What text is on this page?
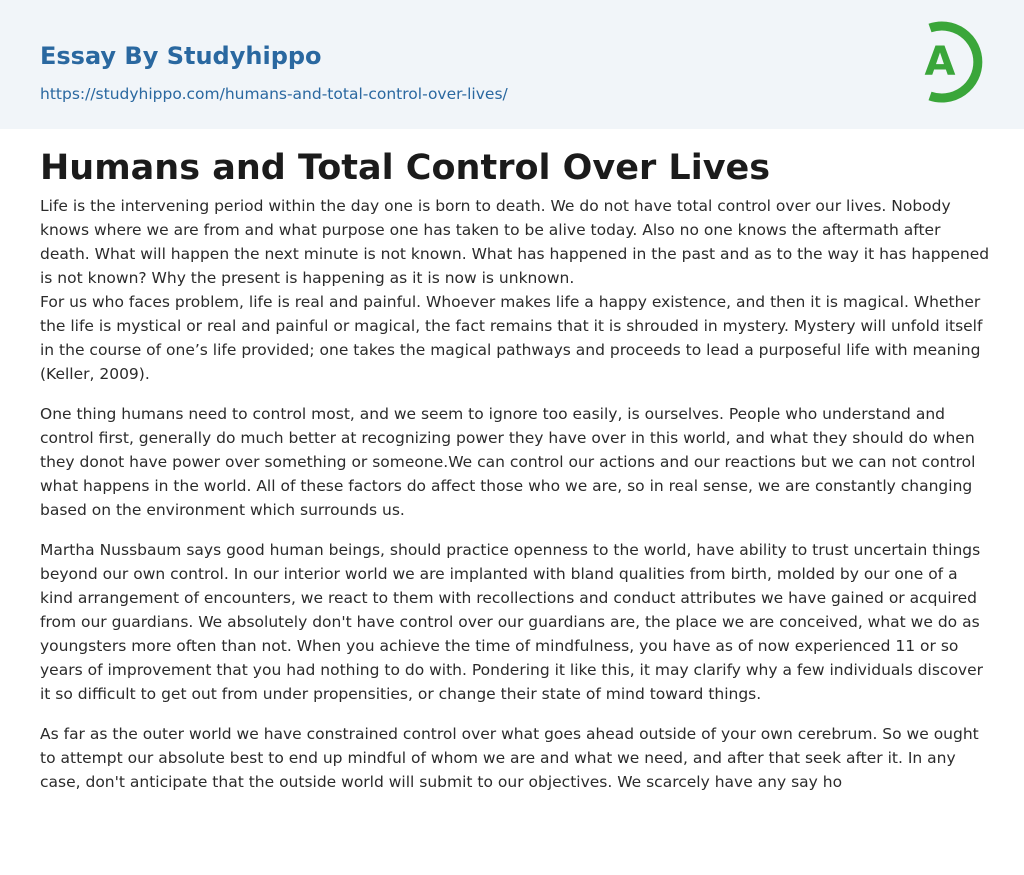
Essay By Studyhippo
https://studyhippo.com/humans-and-total-control-over-lives/
A
Humans and Total Control Over Lives

Life is the intervening period within the day one is born to death. We do not have total control over our lives. Nobody knows where we are from and what purpose one has taken to be alive today. Also no one knows the aftermath after death. What will happen the next minute is not known. What has happened in the past and as to the way it has happened is not known? Why the present is happening as it is now is unknown.

For us who faces problem, life is real and painful. Whoever makes life a happy existence, and then it is magical. Whether the life is mystical or real and painful or magical, the fact remains that it is shrouded in mystery. Mystery will unfold itself in the course of one’s life provided; one takes the magical pathways and proceeds to lead a purposeful life with meaning (Keller, 2009).

One thing humans need to control most, and we seem to ignore too easily, is ourselves. People who understand and control first, generally do much better at recognizing power they have over in this world, and what they should do when they donot have power over something or someone.We can control our actions and our reactions but we can not control what happens in the world. All of these factors do affect those who we are, so in real sense, we are constantly changing based on the environment which surrounds us.

Martha Nussbaum says good human beings, should practice openness to the world, have ability to trust uncertain things beyond our own control. In our interior world we are implanted with bland qualities from birth, molded by our one of a kind arrangement of encounters, we react to them with recollections and conduct attributes we have gained or acquired from our guardians. We absolutely don't have control over our guardians are, the place we are conceived, what we do as youngsters more often than not. When you achieve the time of mindfulness, you have as of now experienced 11 or so years of improvement that you had nothing to do with. Pondering it like this, it may clarify why a few individuals discover it so difficult to get out from under propensities, or change their state of mind toward things.

As far as the outer world we have constrained control over what goes ahead outside of your own cerebrum. So we ought to attempt our absolute best to end up mindful of whom we are and what we need, and after that seek after it. In any case, don't anticipate that the outside world will submit to our objectives. We scarcely have any say ho
